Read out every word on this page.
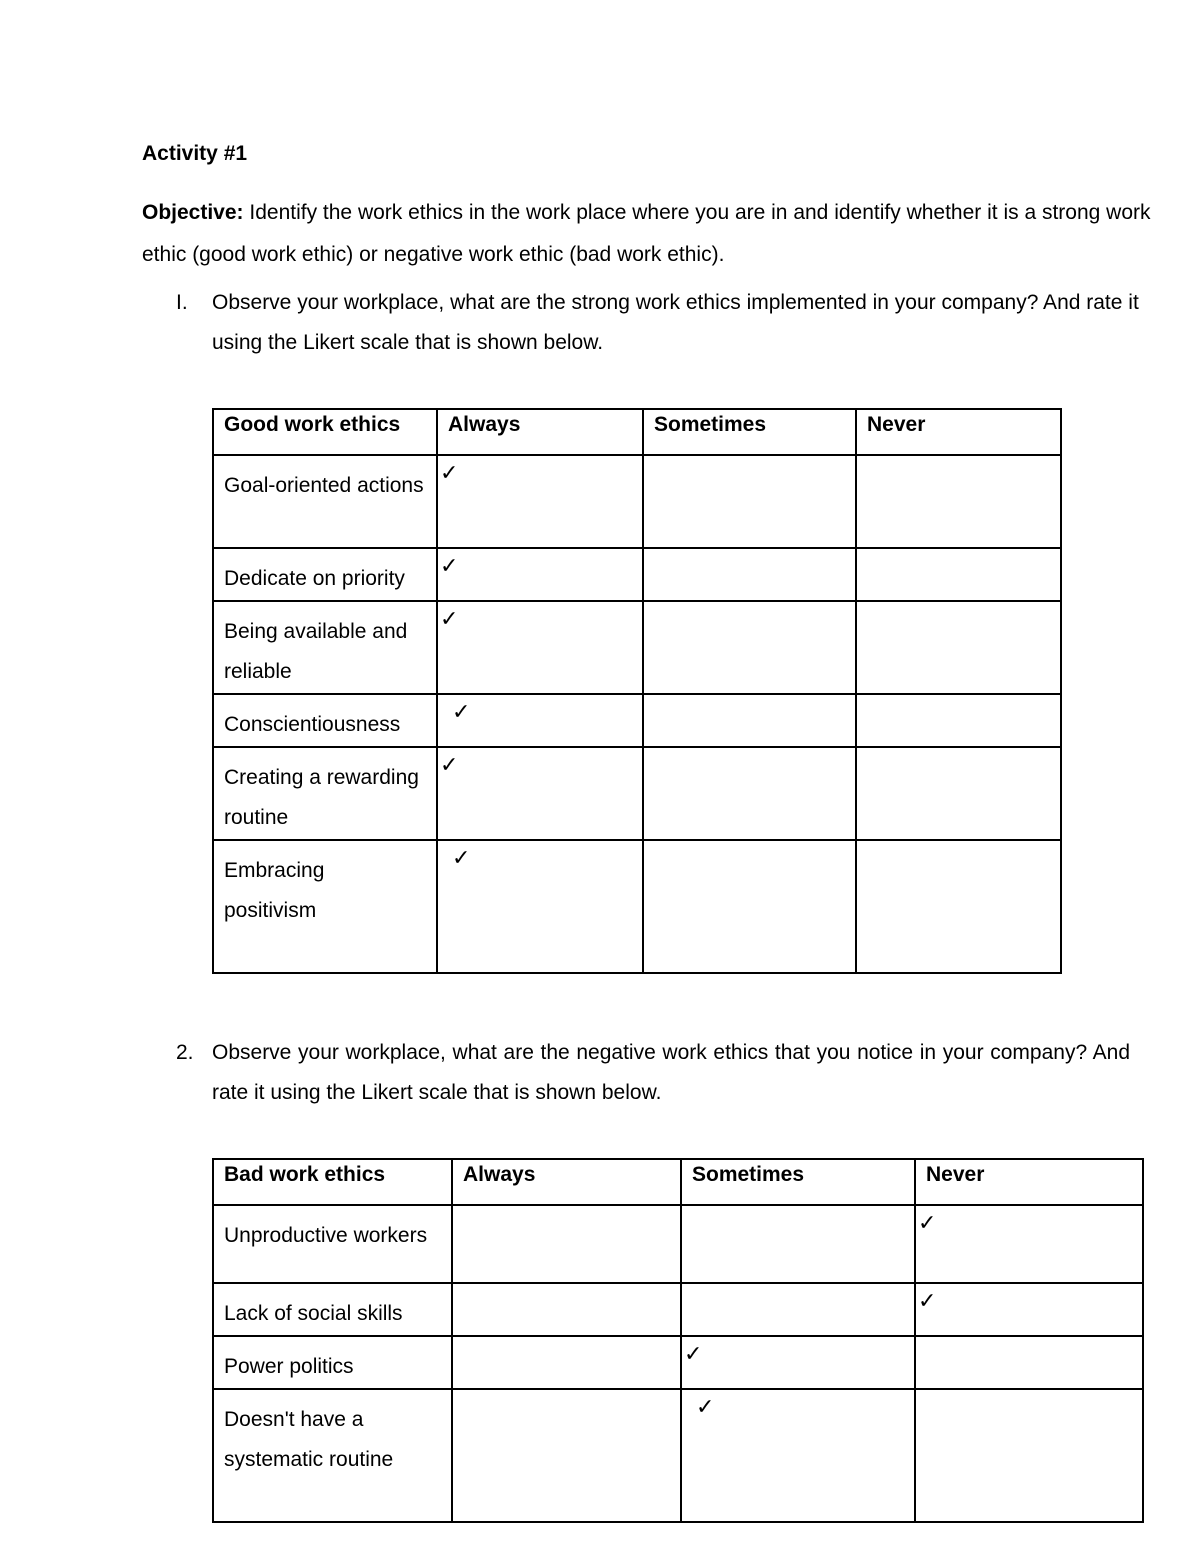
Activity #1
Objective: Identify the work ethics in the work place where you are in and identify whether it is a strong work ethic (good work ethic) or negative work ethic (bad work ethic).
I. Observe your workplace, what are the strong work ethics implemented in your company? And rate it using the Likert scale that is shown below.
Good work ethics	Always	Sometimes	Never
Goal-oriented actions	✓		

Dedicate on priority	✓		

Being available and reliable	✓		

Conscientiousness	✓		

Creating a rewarding routine	✓		

Embracing positivism	✓		

2. Observe your workplace, what are the negative work ethics that you notice in your company? And rate it using the Likert scale that is shown below.
Bad work ethics	Always	Sometimes	Never
Unproductive workers			✓

Lack of social skills			✓

Power politics		✓	

Doesn't have a systematic routine		✓	
